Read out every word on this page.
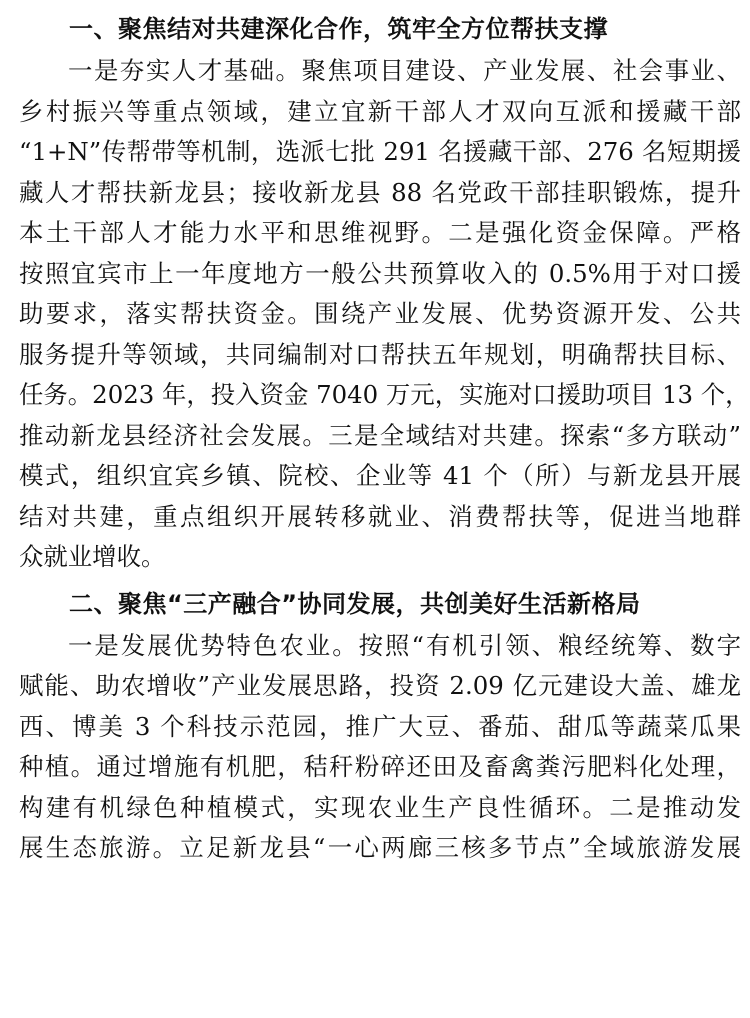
一、聚焦结对共建深化合作，筑牢全方位帮扶支撑
一是夯实人才基础。聚焦项目建设、产业发展、社会事业、
乡村振兴等重点领域，建立宜新干部人才双向互派和援藏干部
“1+N”传帮带等机制，选派七批 291 名援藏干部、276 名短期援
藏人才帮扶新龙县；接收新龙县 88 名党政干部挂职锻炼，提升
本土干部人才能力水平和思维视野。二是强化资金保障。严格
按照宜宾市上一年度地方一般公共预算收入的 0.5%用于对口援
助要求，落实帮扶资金。围绕产业发展、优势资源开发、公共
服务提升等领域，共同编制对口帮扶五年规划，明确帮扶目标、
任务。2023 年，投入资金 7040 万元，实施对口援助项目 13 个，
推动新龙县经济社会发展。三是全域结对共建。探索“多方联动”
模式，组织宜宾乡镇、院校、企业等 41 个（所）与新龙县开展
结对共建，重点组织开展转移就业、消费帮扶等，促进当地群
众就业增收。
二、聚焦“三产融合”协同发展，共创美好生活新格局
一是发展优势特色农业。按照“有机引领、粮经统筹、数字
赋能、助农增收”产业发展思路，投资 2.09 亿元建设大盖、雄龙
西、博美 3 个科技示范园，推广大豆、番茄、甜瓜等蔬菜瓜果
种植。通过增施有机肥，秸秆粉碎还田及畜禽粪污肥料化处理，
构建有机绿色种植模式，实现农业生产良性循环。二是推动发
展生态旅游。立足新龙县“一心两廊三核多节点”全域旅游发展
